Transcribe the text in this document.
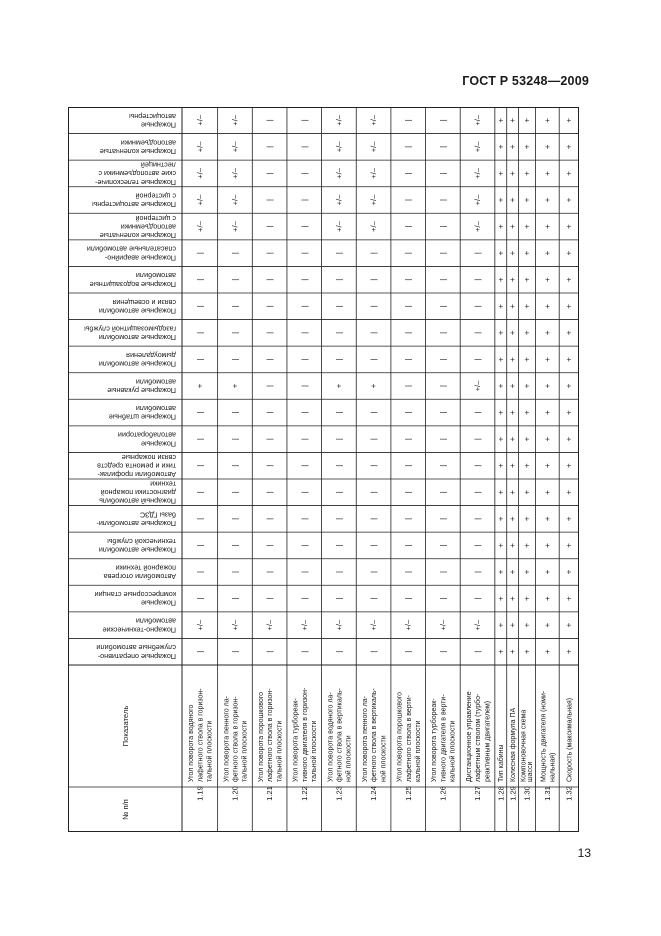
ГОСТ Р 53248—2009
Пожарные
автоцистерны
Пожарные коленчатые
автоподъемники
Пожарные телескопиче-
ские автоподъемники с
лестницей
Пожарные автоцистерны
с цистерной
Пожарные коленчатые
автоподъемники
с цистерной
Пожарные аварийно-
спасательные автомобили
Пожарные водозащитные
автомобили
Пожарные автомобили
связи и освещения
Пожарные автомобили
газодымозащитной службы
Пожарные автомобили
дымоудаления
Пожарные рукавные
автомобили
Пожарные штабные
автомобили
Пожарные
автолаборатории
Автомобили профилак-
тики и ремонта средств
связи пожарные
Пожарный автомобиль
диагностики пожарной
техники
Пожарные автомобили-
базы ГДЗС
Пожарные автомобили
технической службы
Автомобили отогрева
пожарной техники
Пожарные
компрессорные станции
Пожарно-технические
автомобили
Пожарные оперативно-
служебные автомобили
Показатель
№ п/п
+/–
+/–
+/–
+/–
+/–
|
|
|
|
|
+
|
|
|
|
|
|
|
|
+/–
|
Угол поворота водяного лафетного ствола в горизон- тальной плоскости
1.19
+/–
+/–
+/–
+/–
+/–
|
|
|
|
|
+
|
|
|
|
|
|
|
|
+/–
|
Угол поворота пенного ла- фетного ствола в горизон- тальной плоскости
1.20
|
|
|
|
|
|
|
|
|
|
|
|
|
|
|
|
|
|
|
+/–
|
Угол поворота порошкового лафетного ствола в горизон- тальной плоскости
1.21
|
|
|
|
|
|
|
|
|
|
|
|
|
|
|
|
|
|
|
+/–
|
Угол поворота турбореак- тивного двигателя в горизон- тальной плоскости
1.22
+/–
+/–
+/–
+/–
+/–
|
|
|
|
|
+
|
|
|
|
|
|
|
|
+/–
|
Угол поворота водяного ла- фетного ствола в вертикаль- ной плоскости
1.23
+/–
+/–
+/–
+/–
+/–
|
|
|
|
|
+
|
|
|
|
|
|
|
|
+/–
|
Угол поворота пенного ла- фетного ствола в вертикаль- ной плоскости
1.24
|
|
|
|
|
|
|
|
|
|
|
|
|
|
|
|
|
|
|
+/–
|
Угол поворота порошкового лафетного ствола в верти- кальной плоскости
1.25
|
|
|
|
|
|
|
|
|
|
|
|
|
|
|
|
|
|
|
+/–
|
Угол поворота турбореак- тивного двигателя в верти- кальной плоскости
1.26
+/–
+/–
+/–
+/–
+/–
|
|
|
|
|
+/–
|
|
|
|
|
|
|
|
+/–
|
Дистанционное управление лафетным стволом (турбо- реактивным двигателем)
1.27
+
+
+
+
+
+
+
+
+
+
+
+
+
+
+
+
+
+
+
+
+
Тип кабины
1.28
+
+
+
+
+
+
+
+
+
+
+
+
+
+
+
+
+
+
+
+
+
Колесная формула ПА
1.29
+
+
+
+
+
+
+
+
+
+
+
+
+
+
+
+
+
+
+
+
+
Компоновочная схема шасси
1.30
+
+
+
+
+
+
+
+
+
+
+
+
+
+
+
+
+
+
+
+
+
Мощность двигателя (номи- нальная)
1.31
+
+
+
+
+
+
+
+
+
+
+
+
+
+
+
+
+
+
+
+
+
Скорость (максимальная)
1.32
13
